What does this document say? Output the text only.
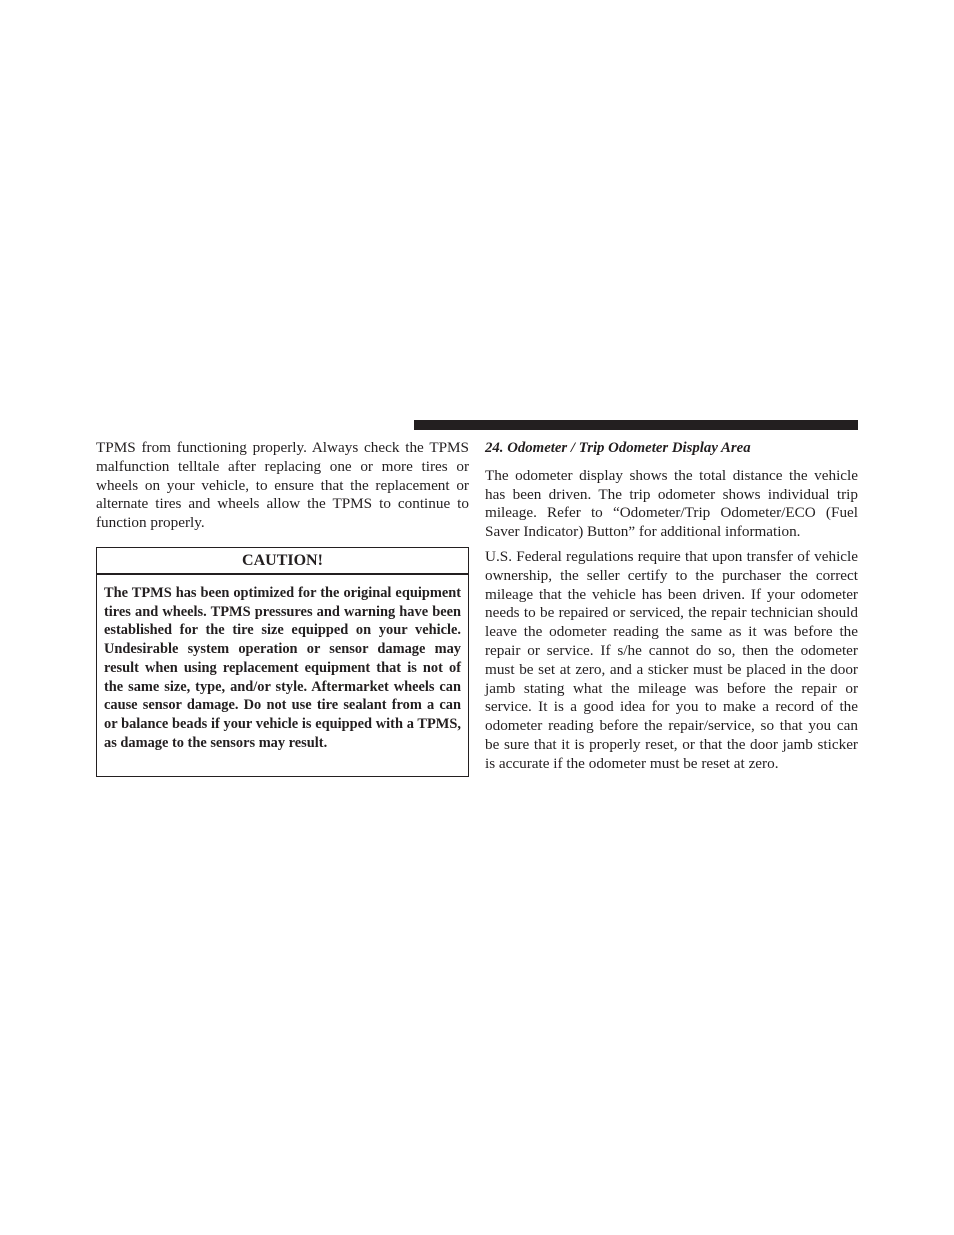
TPMS from functioning properly. Always check the TPMS malfunction telltale after replacing one or more tires or wheels on your vehicle, to ensure that the replacement or alternate tires and wheels allow the TPMS to continue to function properly.

CAUTION!
The TPMS has been optimized for the original equipment tires and wheels. TPMS pressures and warning have been established for the tire size equipped on your vehicle. Undesirable system operation or sensor damage may result when using replacement equipment that is not of the same size, type, and/or style. Aftermarket wheels can cause sensor damage. Do not use tire sealant from a can or balance beads if your vehicle is equipped with a TPMS, as damage to the sensors may result.
24. Odometer / Trip Odometer Display Area

The odometer display shows the total distance the vehicle has been driven. The trip odometer shows individual trip mileage. Refer to “Odometer/Trip Odometer/ECO (Fuel Saver Indicator) Button” for additional information.

U.S. Federal regulations require that upon transfer of vehicle ownership, the seller certify to the purchaser the correct mileage that the vehicle has been driven. If your odometer needs to be repaired or serviced, the repair technician should leave the odometer reading the same as it was before the repair or service. If s/he cannot do so, then the odometer must be set at zero, and a sticker must be placed in the door jamb stating what the mileage was before the repair or service. It is a good idea for you to make a record of the odometer reading before the repair/​service, so that you can be sure that it is properly reset, or that the door jamb sticker is accurate if the odometer must be reset at zero.
